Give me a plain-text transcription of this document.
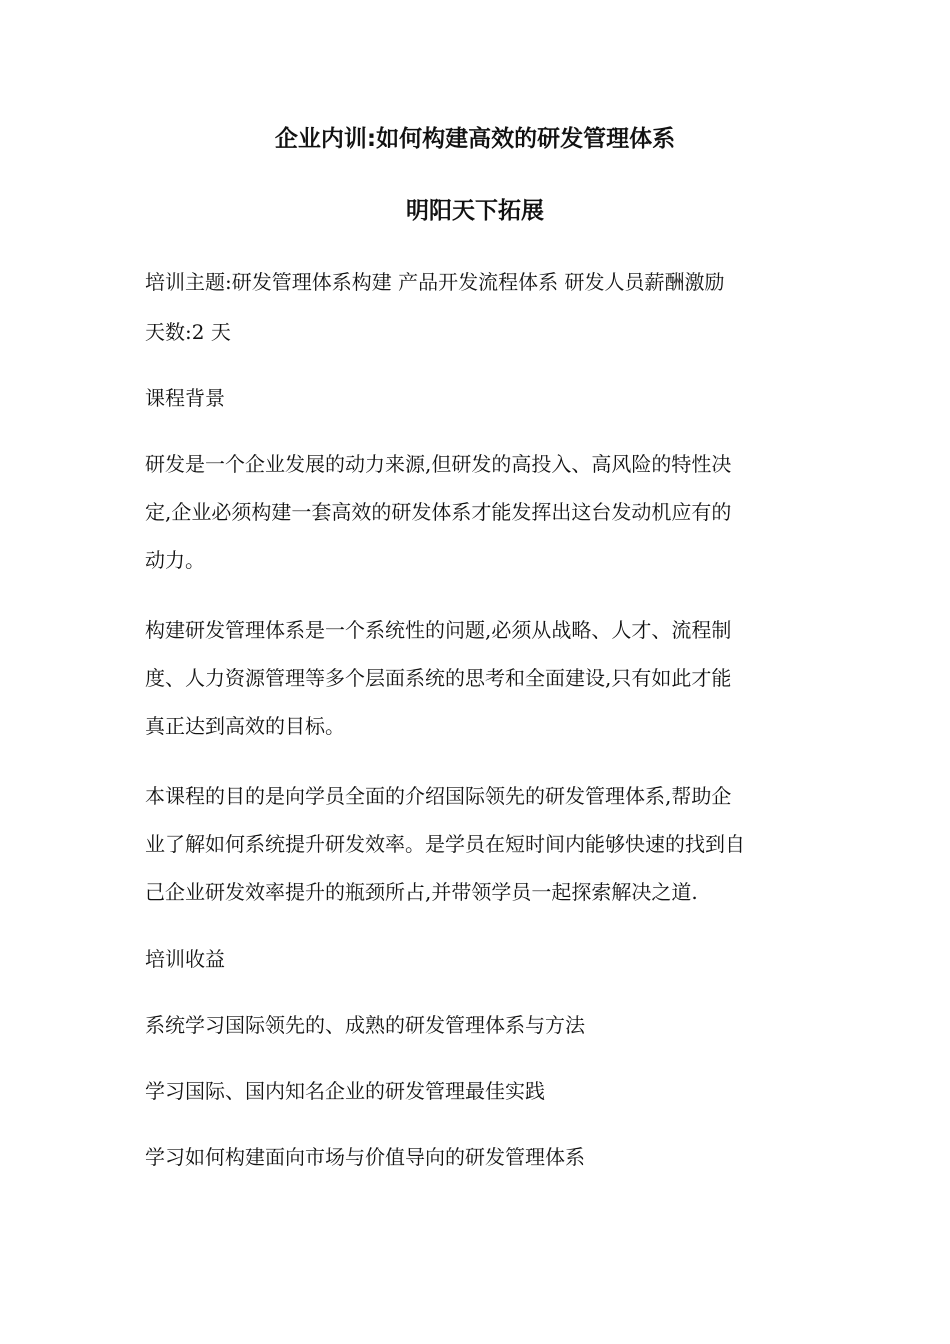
企业内训:如何构建高效的研发管理体系
明阳天下拓展

培训主题:研发管理体系构建 产品开发流程体系 研发人员薪酬激励

天数:2 天

课程背景

研发是一个企业发展的动力来源,但研发的高投入、高风险的特性决
定,企业必须构建一套高效的研发体系才能发挥出这台发动机应有的
动力。

构建研发管理体系是一个系统性的问题,必须从战略、人才、流程制
度、人力资源管理等多个层面系统的思考和全面建设,只有如此才能
真正达到高效的目标。

本课程的目的是向学员全面的介绍国际领先的研发管理体系,帮助企
业了解如何系统提升研发效率。是学员在短时间内能够快速的找到自
己企业研发效率提升的瓶颈所占,并带领学员一起探索解决之道.

培训收益

系统学习国际领先的、成熟的研发管理体系与方法

学习国际、国内知名企业的研发管理最佳实践

学习如何构建面向市场与价值导向的研发管理体系
